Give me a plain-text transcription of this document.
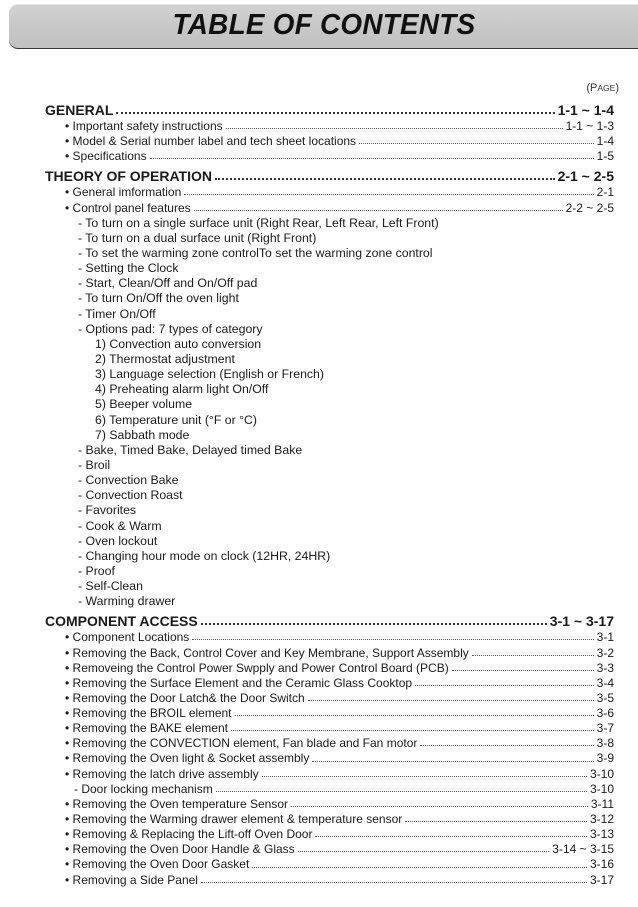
TABLE OF CONTENTS
(PAGE)
GENERAL	1-1 ~ 1-4
• Important safety instructions	1-1 ~ 1-3
• Model & Serial number label and tech sheet locations	1-4
• Specifications	1-5
THEORY OF OPERATION	2-1 ~ 2-5
• General imformation	2-1
• Control panel features	2-2 ~ 2-5
- To turn on a single surface unit (Right Rear, Left Rear, Left Front)
- To turn on a dual surface unit (Right Front)
- To set the warming zone controlTo set the warming zone control
- Setting the Clock
- Start, Clean/Off and On/Off pad
- To turn On/Off the oven light
- Timer On/Off
- Options pad: 7 types of category
1) Convection auto conversion
2) Thermostat adjustment
3) Language selection (English or French)
4) Preheating alarm light On/Off
5) Beeper volume
6) Temperature unit (°F or °C)
7) Sabbath mode
- Bake, Timed Bake, Delayed timed Bake
- Broil
- Convection Bake
- Convection Roast
- Favorites
- Cook & Warm
- Oven lockout
- Changing hour mode on clock (12HR, 24HR)
- Proof
- Self-Clean
- Warming drawer
COMPONENT ACCESS	3-1 ~ 3-17
• Component Locations	3-1
• Removing the Back, Control Cover and Key Membrane, Support Assembly	3-2
• Removeing the Control Power Swpply and Power Control Board (PCB)	3-3
• Removing the Surface Element and the Ceramic Glass Cooktop	3-4
• Removing the Door Latch& the Door Switch	3-5
• Removing the BROIL element	3-6
• Removing the BAKE element	3-7
• Removing the CONVECTION element, Fan blade and Fan motor	3-8
• Removing the Oven light & Socket assembly	3-9
• Removing the latch drive assembly	3-10
- Door locking mechanism	3-10
• Removing the Oven temperature Sensor	3-11
• Removing the Warming drawer element & temperature sensor	3-12
• Removing & Replacing the Lift-off Oven Door	3-13
• Removing the Oven Door Handle & Glass	3-14 ~ 3-15
• Removing the Oven Door Gasket	3-16
• Removing a Side Panel	3-17
